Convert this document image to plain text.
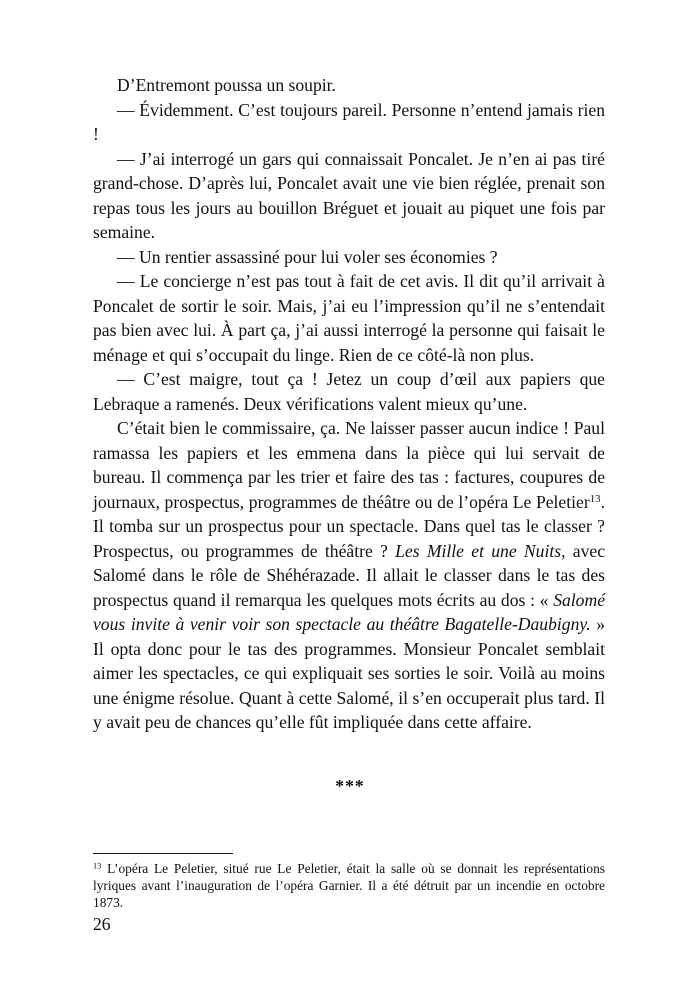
D’Entremont poussa un soupir.

— Évidemment. C’est toujours pareil. Personne n’entend jamais rien !

— J’ai interrogé un gars qui connaissait Poncalet. Je n’en ai pas tiré grand-chose. D’après lui, Poncalet avait une vie bien réglée, prenait son repas tous les jours au bouillon Bréguet et jouait au piquet une fois par semaine.

— Un rentier assassiné pour lui voler ses économies ?

— Le concierge n’est pas tout à fait de cet avis. Il dit qu’il arrivait à Poncalet de sortir le soir. Mais, j’ai eu l’impression qu’il ne s’entendait pas bien avec lui. À part ça, j’ai aussi interrogé la personne qui faisait le ménage et qui s’occupait du linge. Rien de ce côté-là non plus.

— C’est maigre, tout ça ! Jetez un coup d’œil aux papiers que Lebraque a ramenés. Deux vérifications valent mieux qu’une.

C’était bien le commissaire, ça. Ne laisser passer aucun indice ! Paul ramassa les papiers et les emmena dans la pièce qui lui servait de bureau. Il commença par les trier et faire des tas : factures, coupures de journaux, prospectus, programmes de théâtre ou de l’opéra Le Peletier$^{13}$. Il tomba sur un prospectus pour un spectacle. Dans quel tas le classer ? Prospectus, ou programmes de théâtre ? Les Mille et une Nuits, avec Salomé dans le rôle de Shéhérazade. Il allait le classer dans le tas des prospectus quand il remarqua les quelques mots écrits au dos : « Salomé vous invite à venir voir son spectacle au théâtre Bagatelle-Daubigny. » Il opta donc pour le tas des programmes. Monsieur Poncalet semblait aimer les spectacles, ce qui expliquait ses sorties le soir. Voilà au moins une énigme résolue. Quant à cette Salomé, il s’en occuperait plus tard. Il y avait peu de chances qu’elle fût impliquée dans cette affaire.

***

$^{13}$ L’opéra Le Peletier, situé rue Le Peletier, était la salle où se donnait les représentations lyriques avant l’inauguration de l’opéra Garnier. Il a été détruit par un incendie en octobre 1873.

26
